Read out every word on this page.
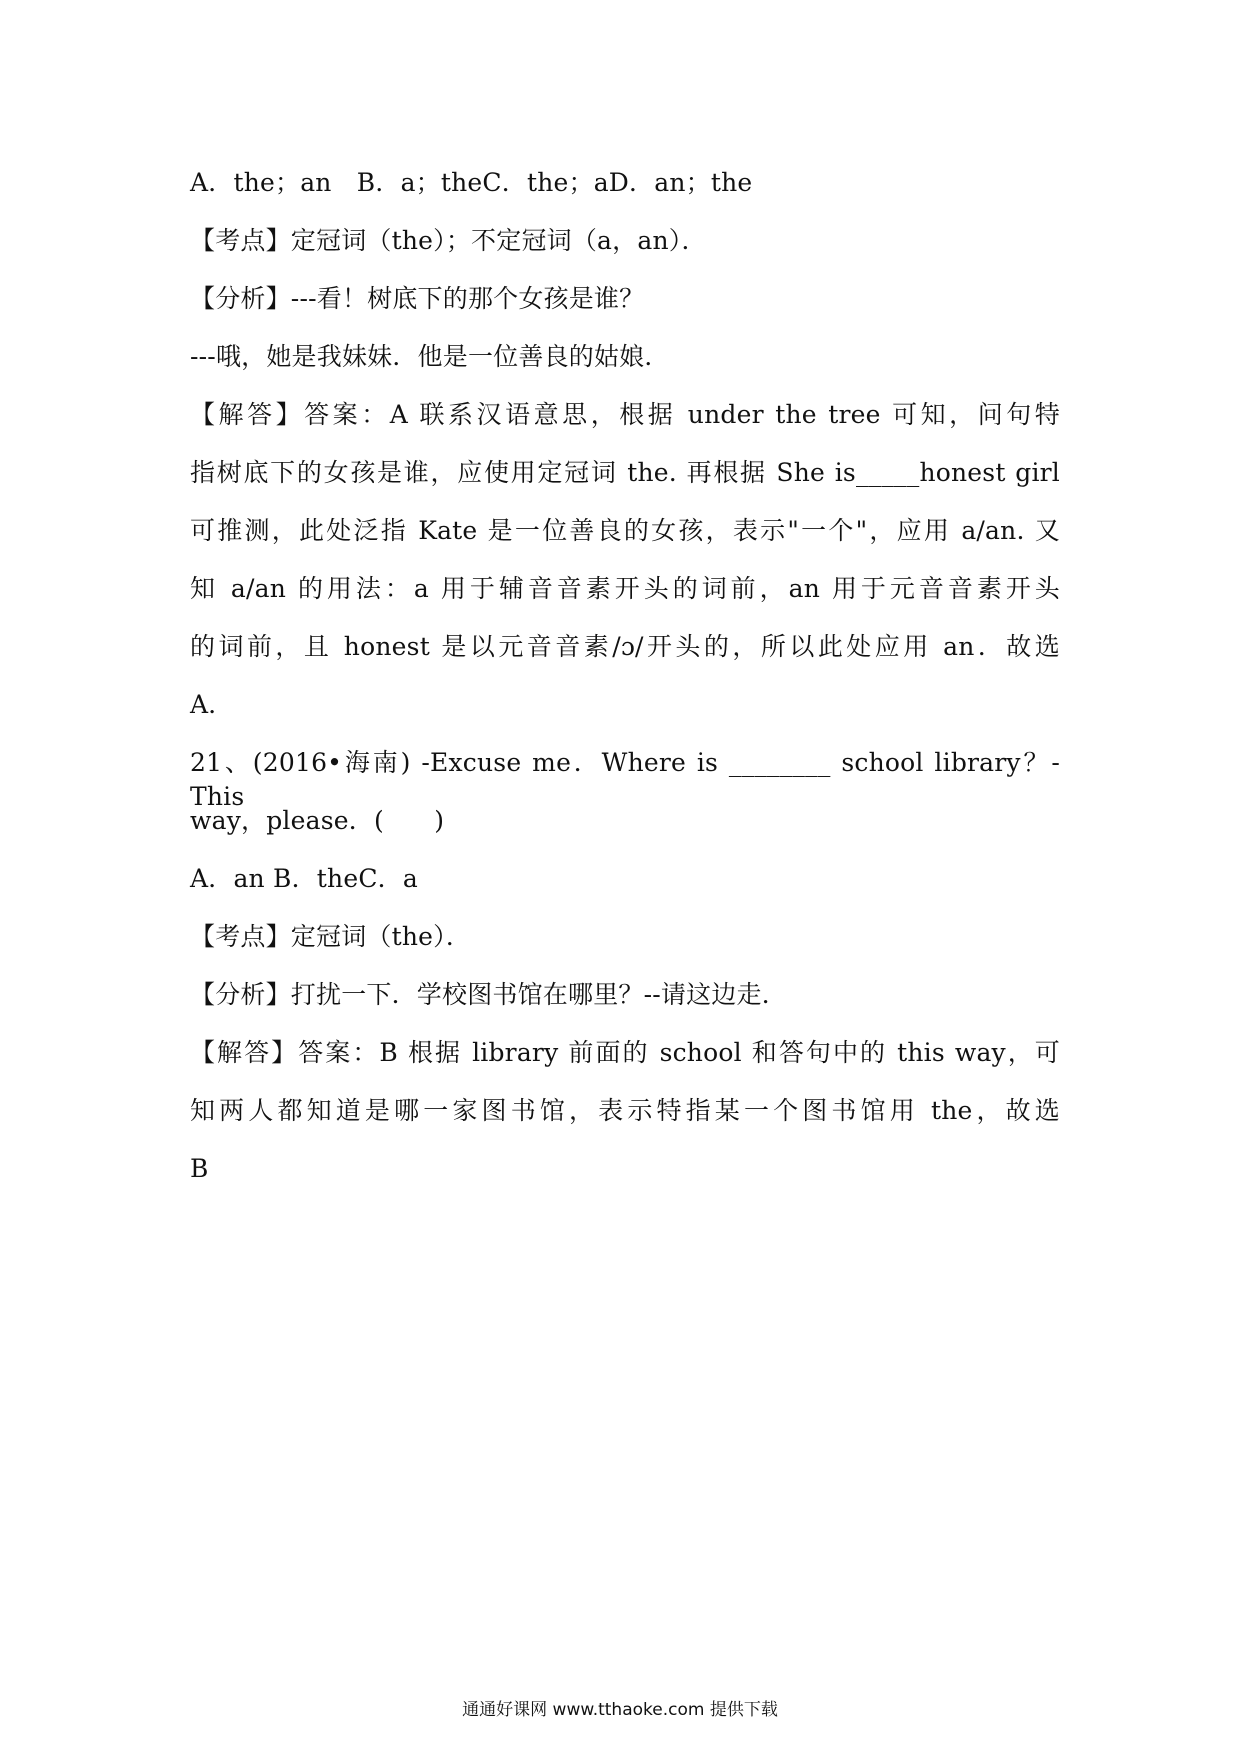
A．the；an　B．a；theC．the；aD．an；the
【考点】定冠词（the）；不定冠词（a，an）．
【分析】---看！树底下的那个女孩是谁？
---哦，她是我妹妹．他是一位善良的姑娘．
【解答】答案：A 联系汉语意思，根据 under the tree 可知，问句特
指树底下的女孩是谁，应使用定冠词 the. 再根据 She is_____honest girl
可推测，此处泛指 Kate 是一位善良的女孩，表示"一个"，应用 a/an. 又
知 a/an 的用法：a 用于辅音音素开头的词前，an 用于元音音素开头
的词前，且 honest 是以元音音素/ɔ/开头的，所以此处应用 an．故选
A．
21、(2016•海南) -Excuse me．Where is ________ school library？-This
way，please．(　　)
A．an B．theC．a
【考点】定冠词（the）．
【分析】打扰一下．学校图书馆在哪里？--请这边走．
【解答】答案：B 根据 library 前面的 school 和答句中的 this way，可
知两人都知道是哪一家图书馆，表示特指某一个图书馆用 the，故选
B
通通好课网 www.tthaoke.com 提供下载
